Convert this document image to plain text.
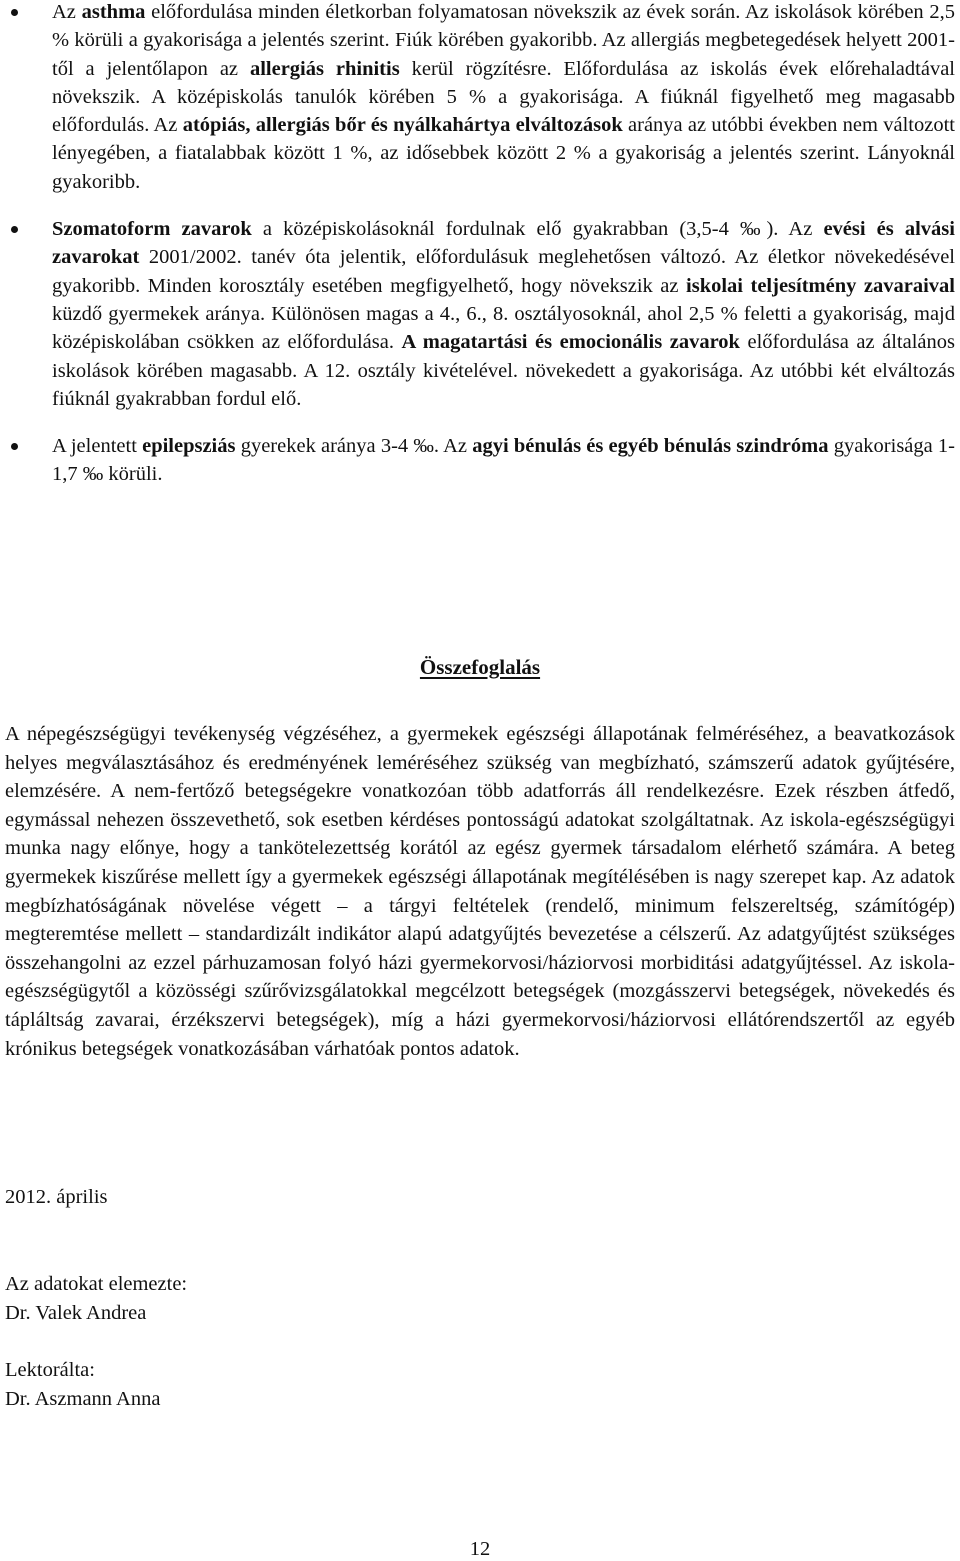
Az asthma előfordulása minden életkorban folyamatosan növekszik az évek során. Az iskolások körében 2,5 % körüli a gyakorisága a jelentés szerint. Fiúk körében gyakoribb. Az allergiás megbetegedések helyett 2001-től a jelentőlapon az allergiás rhinitis kerül rögzítésre. Előfordulása az iskolás évek előrehaladtával növekszik. A középiskolás tanulók körében 5 % a gyakorisága. A fiúknál figyelhető meg magasabb előfordulás. Az atópiás, allergiás bőr és nyálkahártya elváltozások aránya az utóbbi években nem változott lényegében, a fiatalabbak között 1 %, az idősebbek között 2 % a gyakoriság a jelentés szerint. Lányoknál gyakoribb.
Szomatoform zavarok a középiskolásoknál fordulnak elő gyakrabban (3,5-4 ‰). Az evési és alvási zavarokat 2001/2002. tanév óta jelentik, előfordulásuk meglehetősen változó. Az életkor növekedésével gyakoribb. Minden korosztály esetében megfigyelhető, hogy növekszik az iskolai teljesítmény zavaraival küzdő gyermekek aránya. Különösen magas a 4., 6., 8. osztályosoknál, ahol 2,5 % feletti a gyakoriság, majd középiskolában csökken az előfordulása. A magatartási és emocionális zavarok előfordulása az általános iskolások körében magasabb. A 12. osztály kivételével. növekedett a gyakorisága. Az utóbbi két elváltozás fiúknál gyakrabban fordul elő.
A jelentett epilepsziás gyerekek aránya 3-4 ‰. Az agyi bénulás és egyéb bénulás szindróma gyakorisága 1-1,7 ‰ körüli.
Összefoglalás

A népegészségügyi tevékenység végzéséhez, a gyermekek egészségi állapotának felméréséhez, a beavatkozások helyes megválasztásához és eredményének leméréséhez szükség van megbízható, számszerű adatok gyűjtésére, elemzésére. A nem-fertőző betegségekre vonatkozóan több adatforrás áll rendelkezésre. Ezek részben átfedő, egymással nehezen összevethető, sok esetben kérdéses pontosságú adatokat szolgáltatnak. Az iskola-egészségügyi munka nagy előnye, hogy a tankötelezettség korától az egész gyermek társadalom elérhető számára. A beteg gyermekek kiszűrése mellett így a gyermekek egészségi állapotának megítélésében is nagy szerepet kap. Az adatok megbízhatóságának növelése végett – a tárgyi feltételek (rendelő, minimum felszereltség, számítógép) megteremtése mellett – standardizált indikátor alapú adatgyűjtés bevezetése a célszerű. Az adatgyűjtést szükséges összehangolni az ezzel párhuzamosan folyó házi gyermekorvosi/háziorvosi morbiditási adatgyűjtéssel. Az iskola-egészségügytől a közösségi szűrővizsgálatokkal megcélzott betegségek (mozgásszervi betegségek, növekedés és tápláltság zavarai, érzékszervi betegségek), míg a házi gyermekorvosi/háziorvosi ellátórendszertől az egyéb krónikus betegségek vonatkozásában várhatóak pontos adatok.

2012. április

Az adatokat elemezte:

Dr. Valek Andrea

Lektorálta:

Dr. Aszmann Anna

12
